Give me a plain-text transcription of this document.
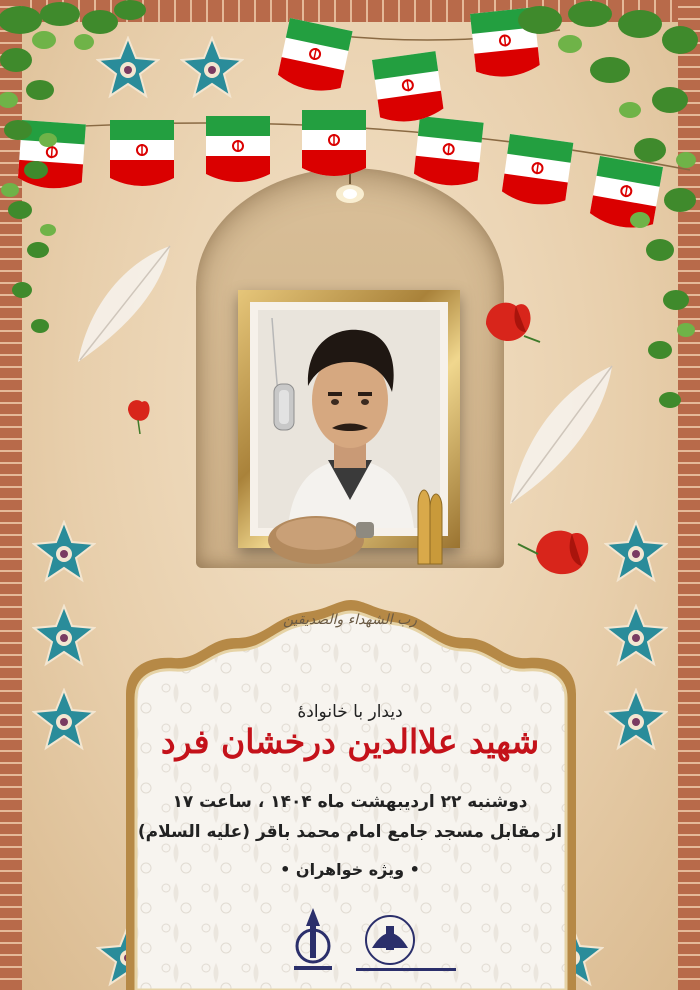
رب الشهداء والصدیقین
دیدار با خانوادهٔ
شهید علاالدین درخشان فرد
دوشنبه ۲۲ اردیبهشت ماه ۱۴۰۴ ، ساعت ۱۷
از مقابل مسجد جامع امام محمد باقر (علیه السلام)
• ویژه خواهران •
